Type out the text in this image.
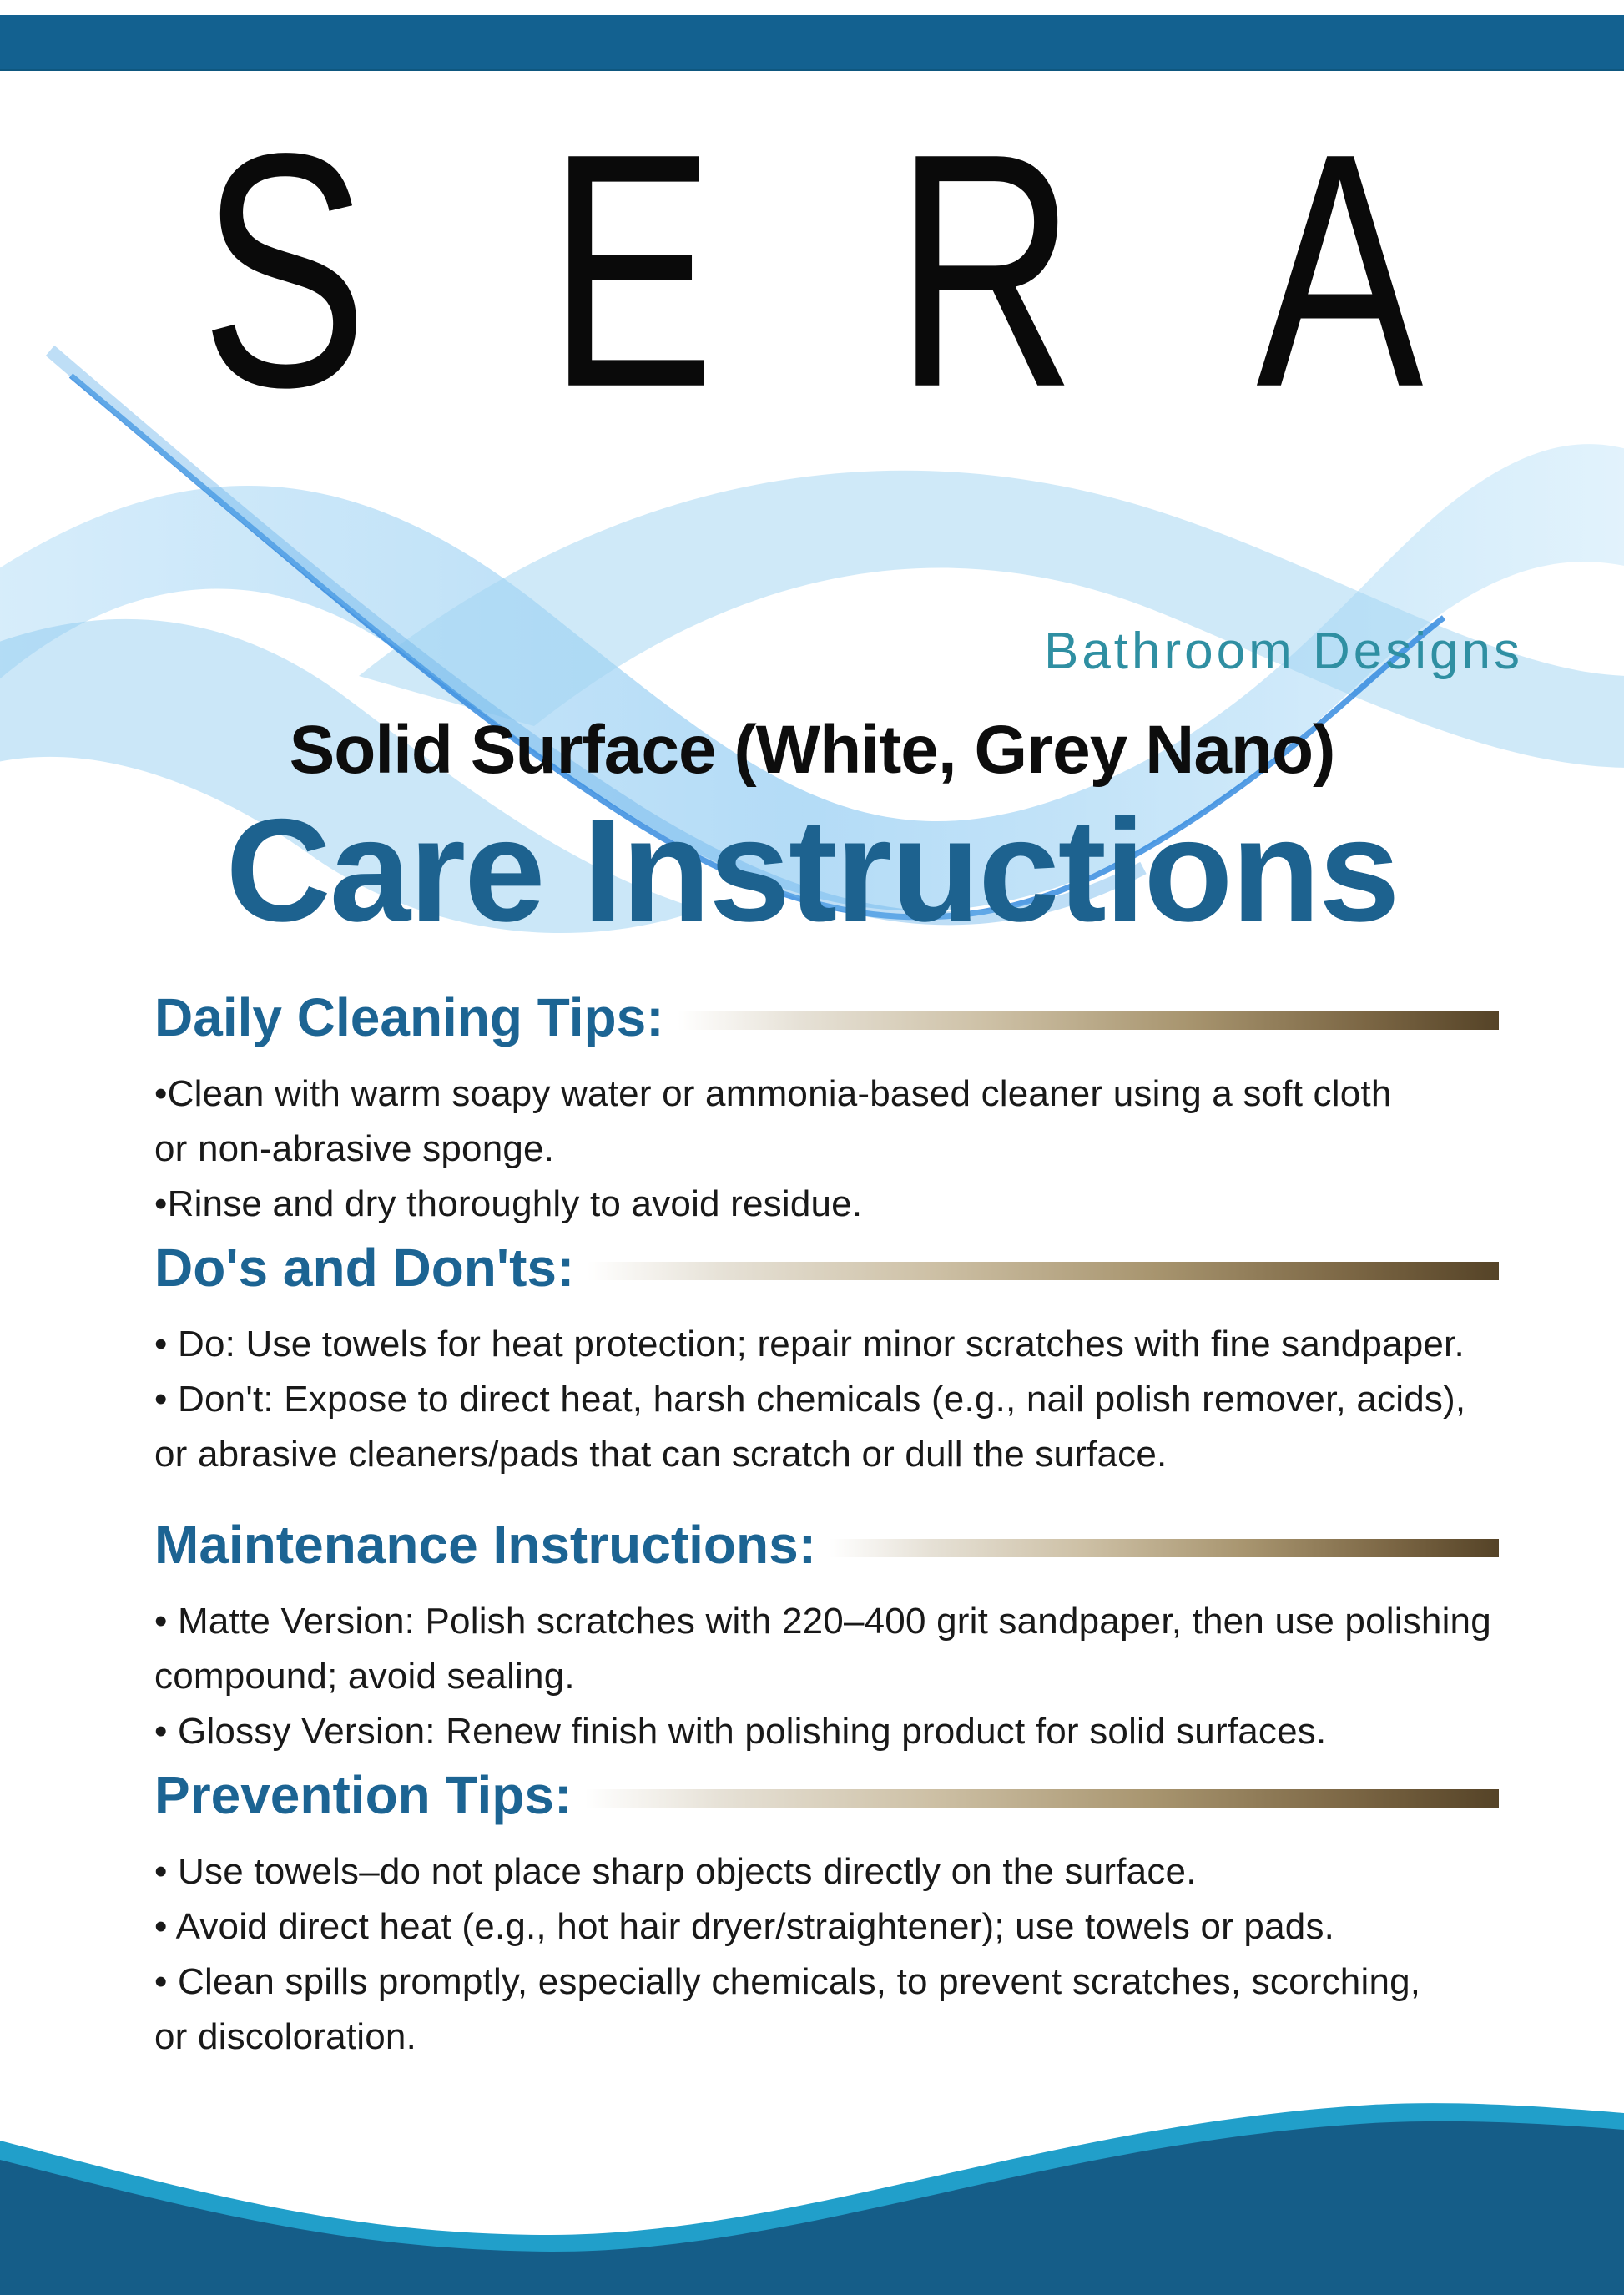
SERA
Bathroom Designs
Solid Surface (White, Grey Nano)
Care Instructions
Daily Cleaning Tips:
•Clean with warm soapy water or ammonia-based cleaner using a soft cloth
or non-abrasive sponge.
•Rinse and dry thoroughly to avoid residue.
Do's and Don'ts:
• Do: Use towels for heat protection; repair minor scratches with fine sandpaper.
• Don't: Expose to direct heat, harsh chemicals (e.g., nail polish remover, acids),
or abrasive cleaners/pads that can scratch or dull the surface.
Maintenance Instructions:
• Matte Version: Polish scratches with 220–400 grit sandpaper, then use polishing
compound; avoid sealing.
• Glossy Version: Renew finish with polishing product for solid surfaces.
Prevention Tips:
• Use towels–do not place sharp objects directly on the surface.
• Avoid direct heat (e.g., hot hair dryer/straightener); use towels or pads.
• Clean spills promptly, especially chemicals, to prevent scratches, scorching,
or discoloration.
